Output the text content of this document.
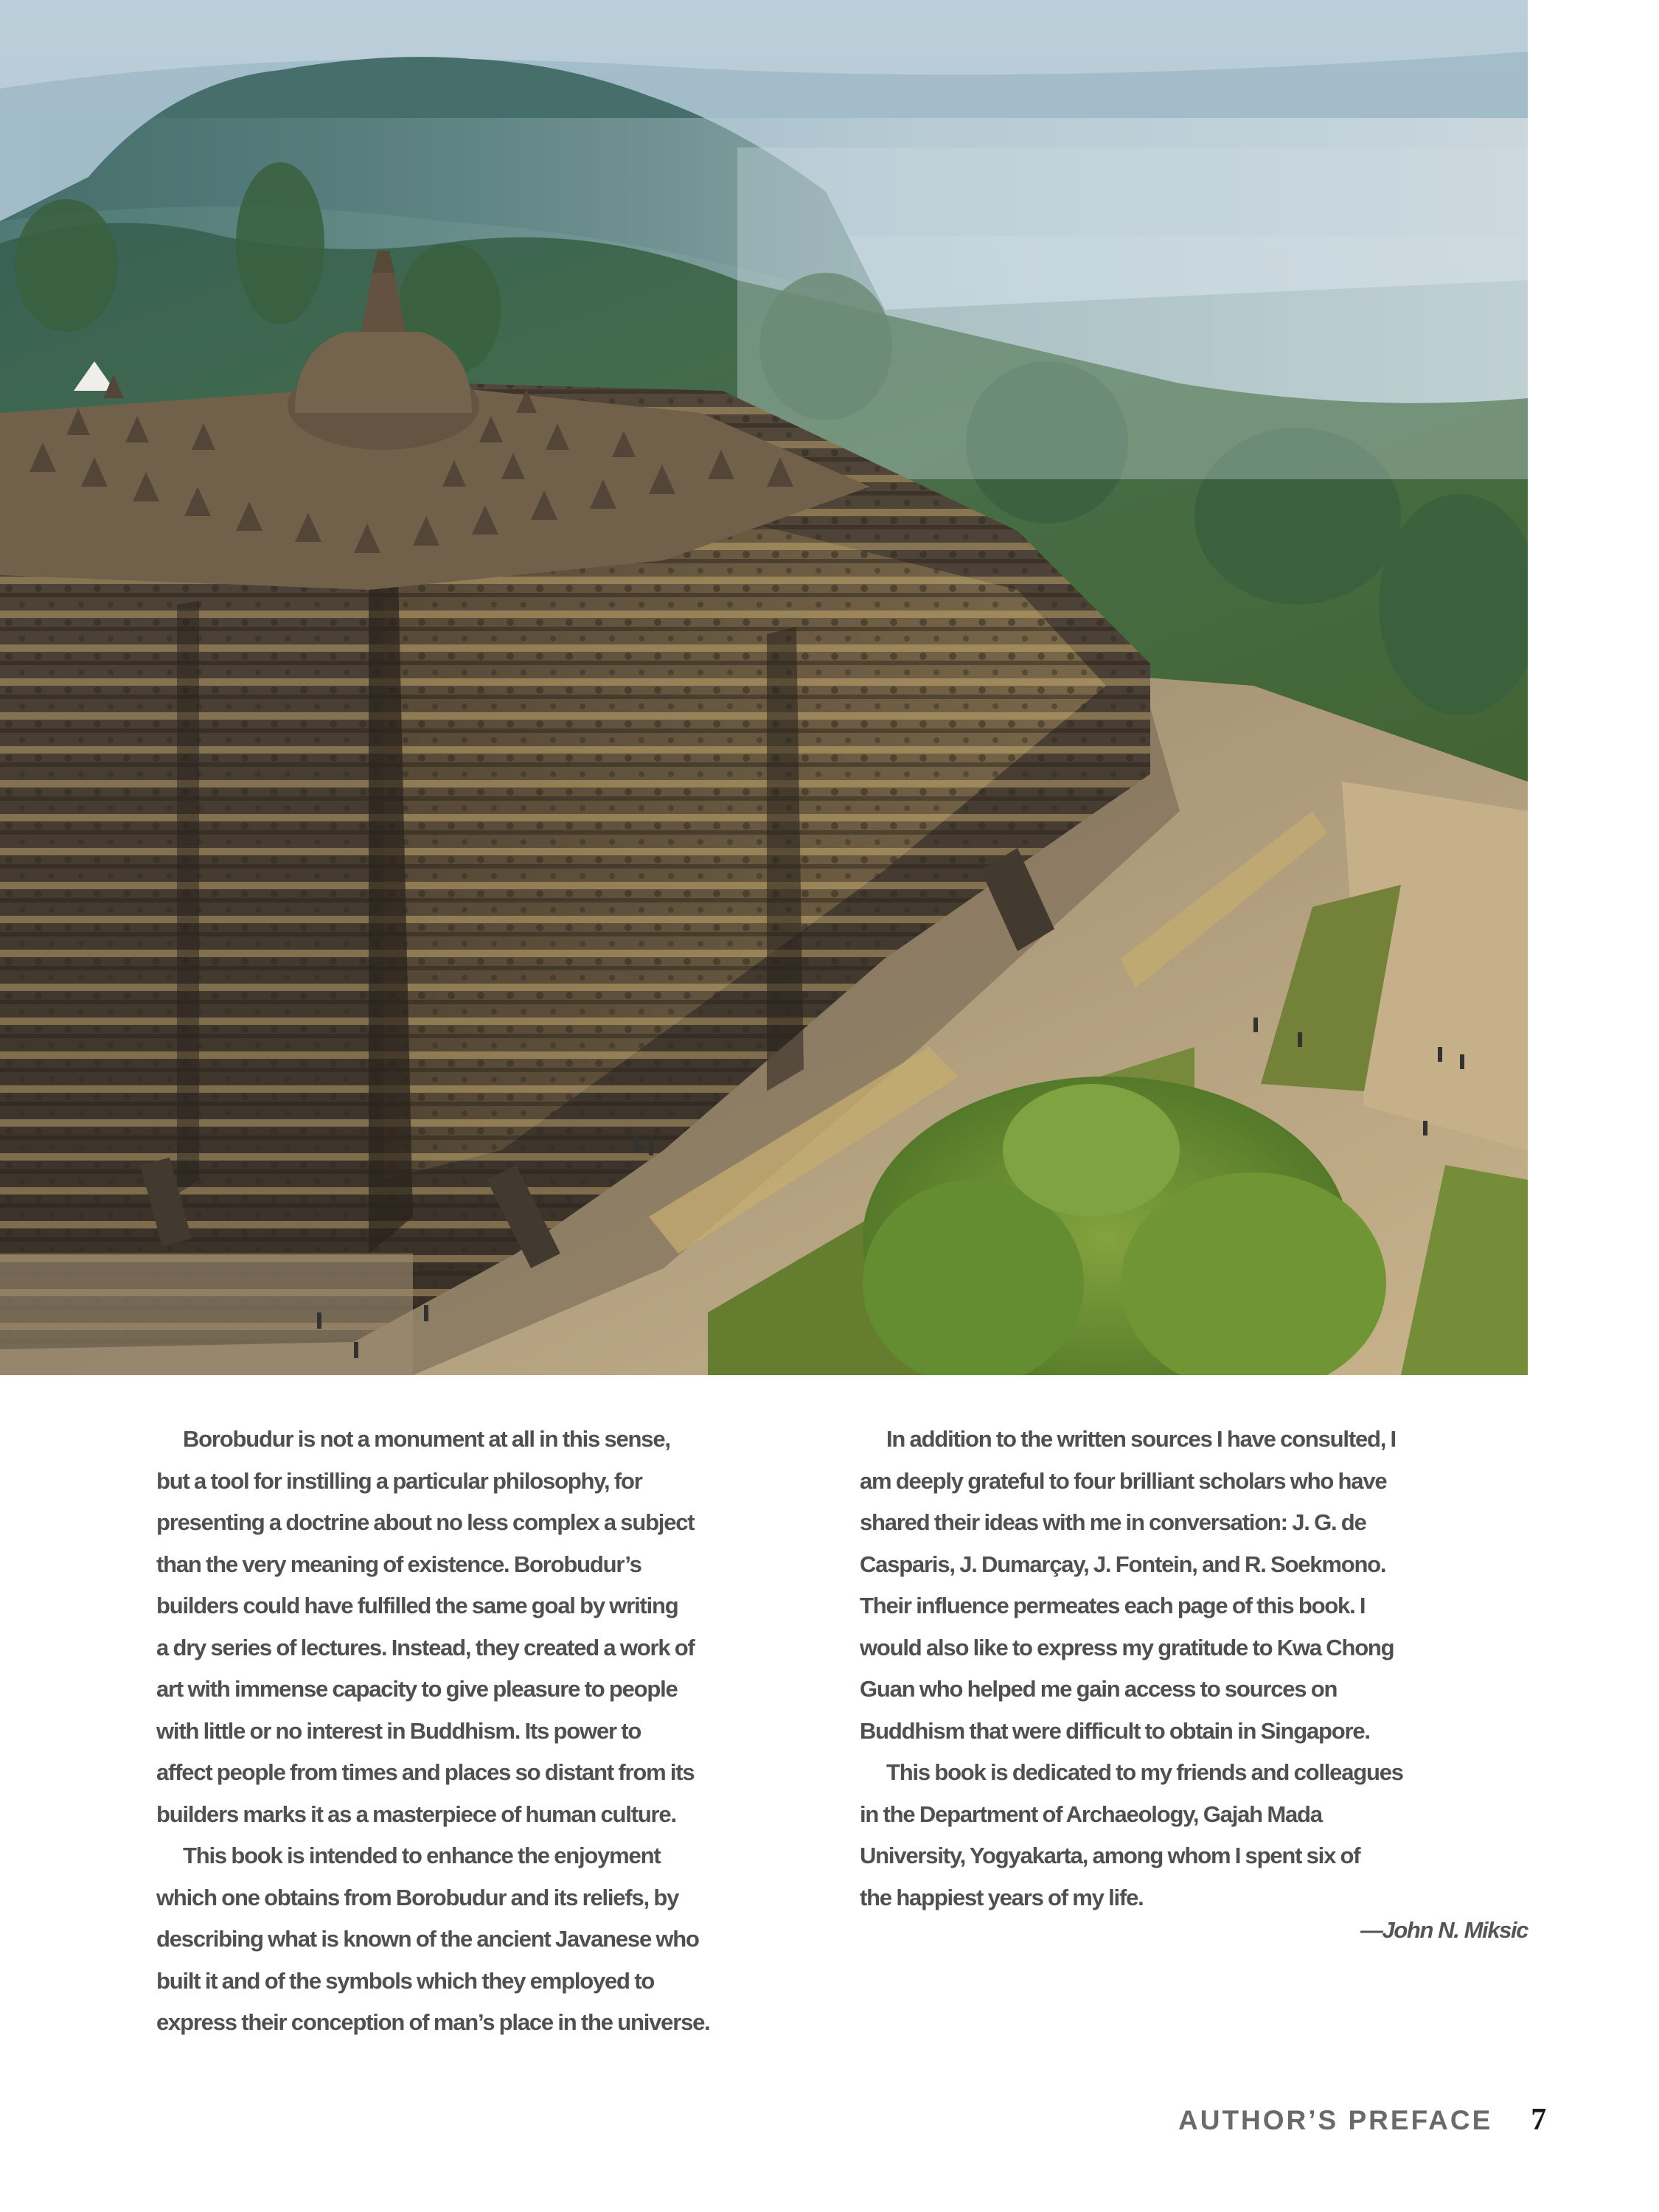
Borobudur is not a monument at all in this sense,
but a tool for instilling a particular philosophy, for
presenting a doctrine about no less complex a subject
than the very meaning of existence. Borobudur’s
builders could have fulfilled the same goal by writing
a dry series of lectures. Instead, they created a work of
art with immense capacity to give pleasure to people
with little or no interest in Buddhism. Its power to
affect people from times and places so distant from its
builders marks it as a masterpiece of human culture.
This book is intended to enhance the enjoyment
which one obtains from Borobudur and its reliefs, by
describing what is known of the ancient Javanese who
built it and of the symbols which they employed to
express their conception of man’s place in the universe.
In addition to the written sources I have consulted, I
am deeply grateful to four brilliant scholars who have
shared their ideas with me in conversation: J. G. de
Casparis, J. Dumarçay, J. Fontein, and R. Soekmono.
Their influence permeates each page of this book. I
would also like to express my gratitude to Kwa Chong
Guan who helped me gain access to sources on
Buddhism that were difficult to obtain in Singapore.
This book is dedicated to my friends and colleagues
in the Department of Archaeology, Gajah Mada
University, Yogyakarta, among whom I spent six of
the happiest years of my life.
—John N. Miksic
AUTHOR’S PREFACE 7
